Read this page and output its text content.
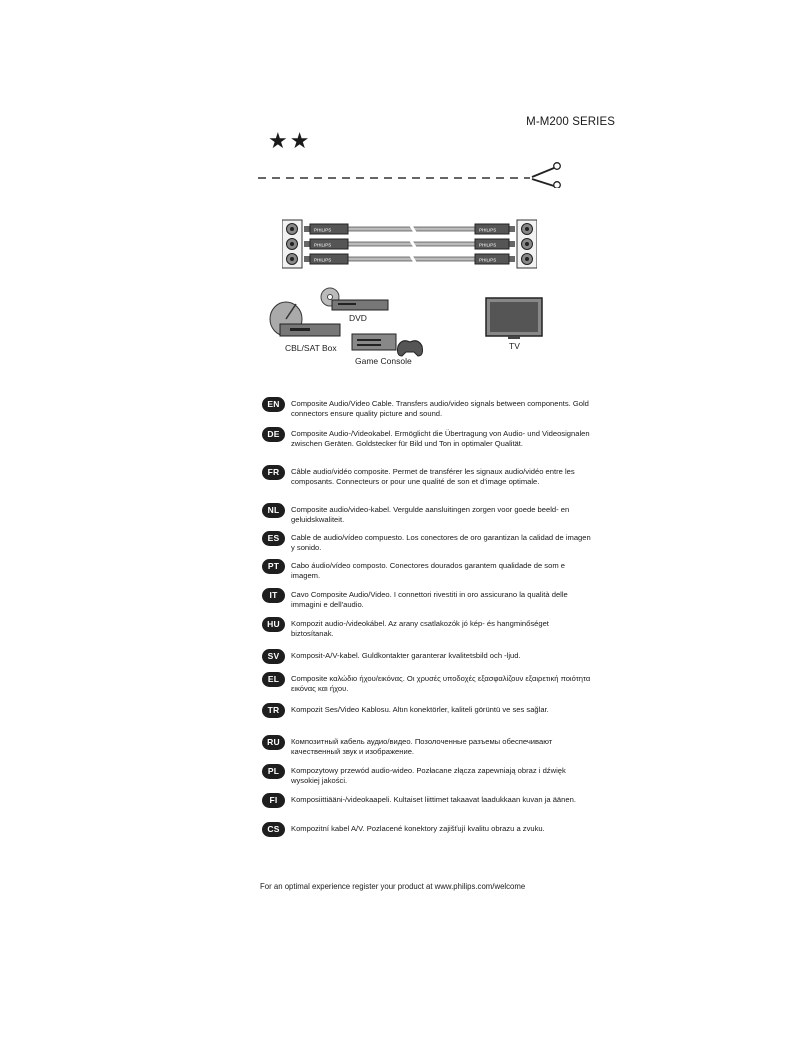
M-M200 SERIES
★★
PHILIPS
PHILIPS
PHILIPS
PHILIPS
PHILIPS
PHILIPS
DVD
CBL/SAT Box
Game Console
TV
EN	Composite Audio/Video Cable. Transfers audio/video signals between components. Gold connectors ensure quality picture and sound.
DE	Composite Audio-/Videokabel. Ermöglicht die Übertragung von Audio- und Videosignalen zwischen Geräten. Goldstecker für Bild und Ton in optimaler Qualität.
FR	Câble audio/vidéo composite. Permet de transférer les signaux audio/vidéo entre les composants. Connecteurs or pour une qualité de son et d'image optimale.
NL	Composite audio/video-kabel. Vergulde aansluitingen zorgen voor goede beeld- en geluidskwaliteit.
ES	Cable de audio/vídeo compuesto. Los conectores de oro garantizan la calidad de imagen y sonido.
PT	Cabo áudio/vídeo composto. Conectores dourados garantem qualidade de som e imagem.
IT	Cavo Composite Audio/Video. I connettori rivestiti in oro assicurano la qualità delle immagini e dell'audio.
HU	Kompozit audio-/videokábel. Az arany csatlakozók jó kép- és hangminőséget biztosítanak.
SV	Komposit-A/V-kabel. Guldkontakter garanterar kvalitetsbild och -ljud.
EL	Composite καλώδιο ήχου/εικόνας. Οι χρυσές υποδοχές εξασφαλίζουν εξαιρετική ποιότητα εικόνας και ήχου.
TR	Kompozit Ses/Video Kablosu. Altın konektörler, kaliteli görüntü ve ses sağlar.
RU	Композитный кабель аудио/видео. Позолоченные разъемы обеспечивают качественный звук и изображение.
PL	Kompozytowy przewód audio-wideo. Pozłacane złącza zapewniają obraz i dźwięk wysokiej jakości.
FI	Komposiittiääni-/videokaapeli. Kultaiset liittimet takaavat laadukkaan kuvan ja äänen.
CS	Kompozitní kabel A/V. Pozlacené konektory zajišťují kvalitu obrazu a zvuku.
For an optimal experience register your product at www.philips.com/welcome
